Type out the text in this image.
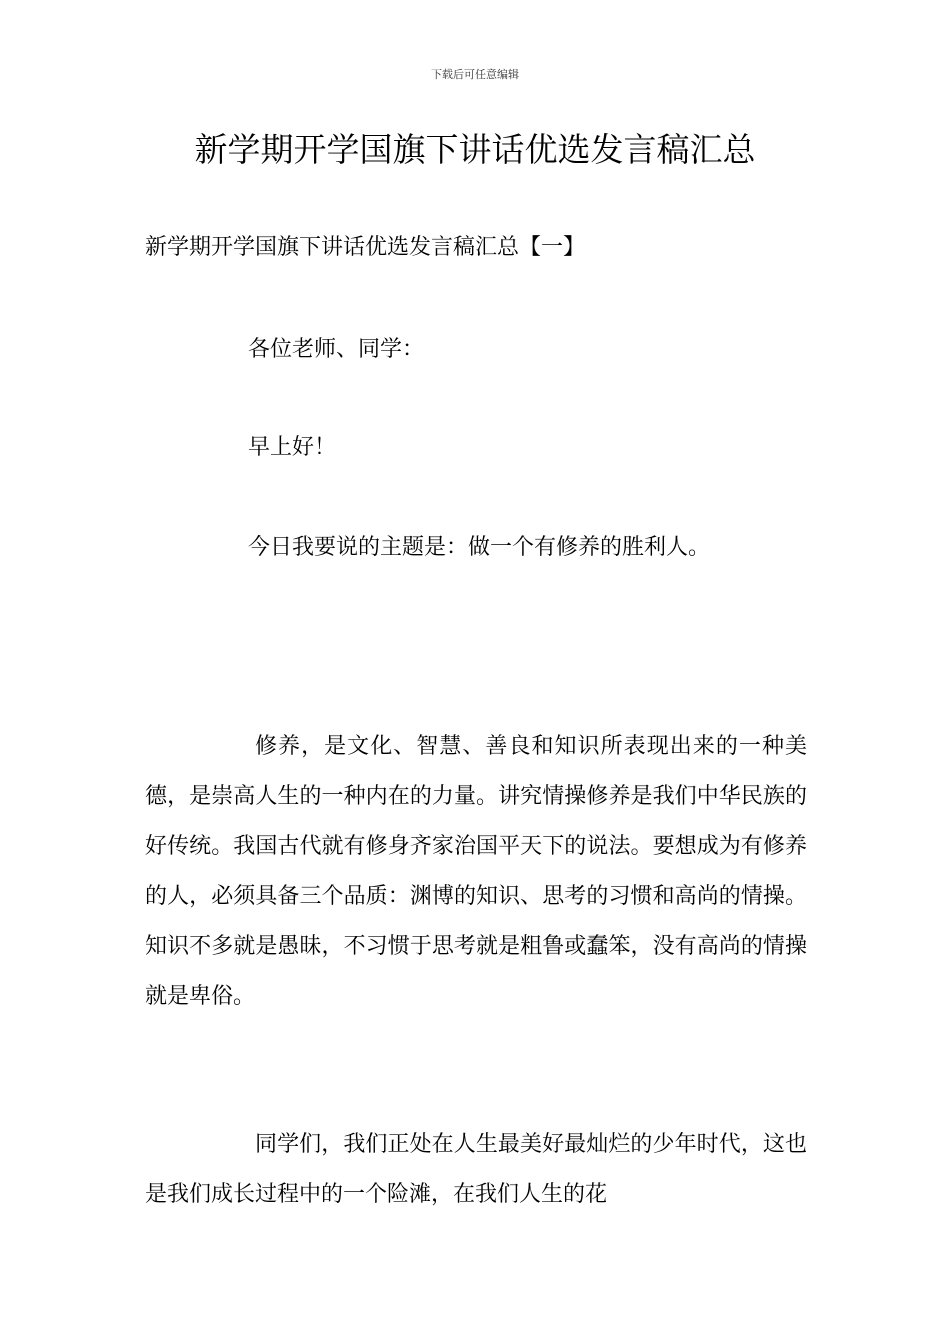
下载后可任意编辑
新学期开学国旗下讲话优选发言稿汇总
新学期开学国旗下讲话优选发言稿汇总【一】
各位老师、同学：
早上好！
今日我要说的主题是：做一个有修养的胜利人。

修养，是文化、智慧、善良和知识所表现出来的一种美德，是崇高人生的一种内在的力量。讲究情操修养是我们中华民族的好传统。我国古代就有修身齐家治国平天下的说法。要想成为有修养的人，必须具备三个品质：渊博的知识、思考的习惯和高尚的情操。知识不多就是愚昧，不习惯于思考就是粗鲁或蠢笨，没有高尚的情操就是卑俗。

同学们，我们正处在人生最美好最灿烂的少年时代，这也是我们成长过程中的一个险滩，在我们人生的花
